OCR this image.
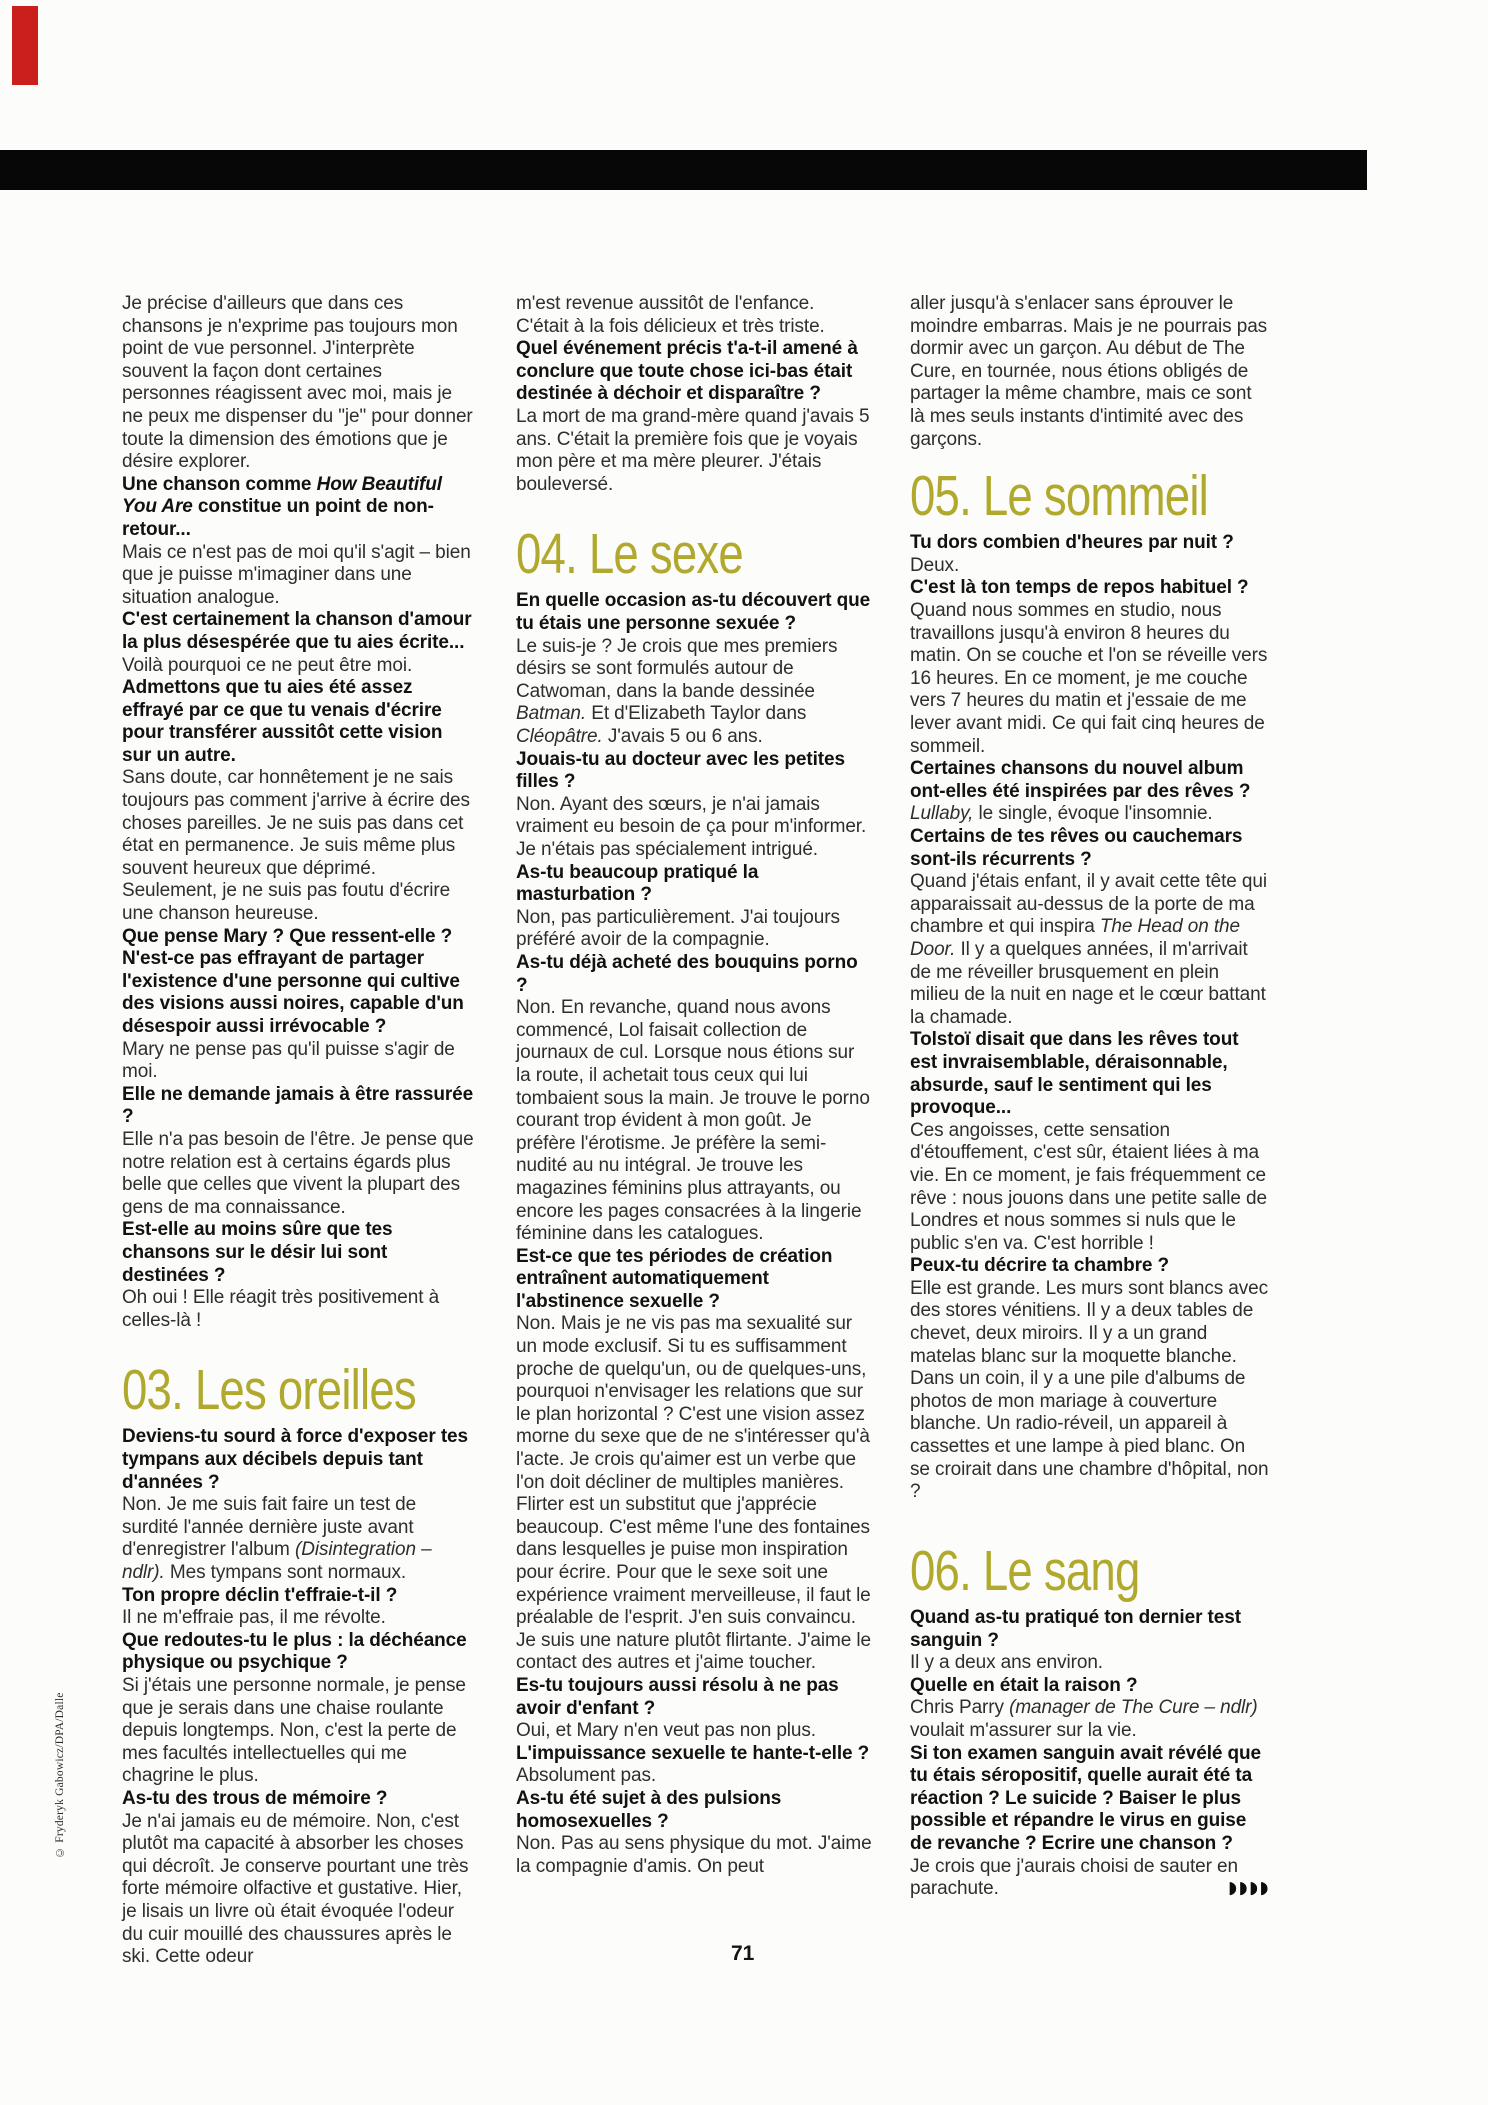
Je précise d'ailleurs que dans ces chansons je n'exprime pas toujours mon point de vue personnel. J'interprète souvent la façon dont certaines personnes réagissent avec moi, mais je ne peux me dispenser du "je" pour donner toute la dimension des émotions que je désire explorer.

Une chanson comme How Beautiful You Are constitue un point de non-retour...

Mais ce n'est pas de moi qu'il s'agit – bien que je puisse m'imaginer dans une situation analogue.

C'est certainement la chanson d'amour la plus désespérée que tu aies écrite...

Voilà pourquoi ce ne peut être moi.

Admettons que tu aies été assez effrayé par ce que tu venais d'écrire pour transférer aussitôt cette vision sur un autre.

Sans doute, car honnêtement je ne sais toujours pas comment j'arrive à écrire des choses pareilles. Je ne suis pas dans cet état en permanence. Je suis même plus souvent heureux que déprimé. Seulement, je ne suis pas foutu d'écrire une chanson heureuse.

Que pense Mary ? Que ressent-elle ? N'est-ce pas effrayant de partager l'existence d'une personne qui cultive des visions aussi noires, capable d'un désespoir aussi irrévocable ?

Mary ne pense pas qu'il puisse s'agir de moi.

Elle ne demande jamais à être rassurée ?

Elle n'a pas besoin de l'être. Je pense que notre relation est à certains égards plus belle que celles que vivent la plupart des gens de ma connaissance.

Est-elle au moins sûre que tes chansons sur le désir lui sont destinées ?

Oh oui ! Elle réagit très positivement à celles-là !

03. Les oreilles

Deviens-tu sourd à force d'exposer tes tympans aux décibels depuis tant d'années ?

Non. Je me suis fait faire un test de surdité l'année dernière juste avant d'enregistrer l'album (Disintegration – ndlr). Mes tympans sont normaux.

Ton propre déclin t'effraie-t-il ?

Il ne m'effraie pas, il me révolte.

Que redoutes-tu le plus : la déchéance physique ou psychique ?

Si j'étais une personne normale, je pense que je serais dans une chaise roulante depuis longtemps. Non, c'est la perte de mes facultés intellectuelles qui me chagrine le plus.

As-tu des trous de mémoire ?

Je n'ai jamais eu de mémoire. Non, c'est plutôt ma capacité à absorber les choses qui décroît. Je conserve pourtant une très forte mémoire olfactive et gustative. Hier, je lisais un livre où était évoquée l'odeur du cuir mouillé des chaussures après le ski. Cette odeur

m'est revenue aussitôt de l'enfance. C'était à la fois délicieux et très triste.

Quel événement précis t'a-t-il amené à conclure que toute chose ici-bas était destinée à déchoir et disparaître ?

La mort de ma grand-mère quand j'avais 5 ans. C'était la première fois que je voyais mon père et ma mère pleurer. J'étais bouleversé.

04. Le sexe

En quelle occasion as-tu découvert que tu étais une personne sexuée ?

Le suis-je ? Je crois que mes premiers désirs se sont formulés autour de Catwoman, dans la bande dessinée Batman. Et d'Elizabeth Taylor dans Cléopâtre. J'avais 5 ou 6 ans.

Jouais-tu au docteur avec les petites filles ?

Non. Ayant des sœurs, je n'ai jamais vraiment eu besoin de ça pour m'informer. Je n'étais pas spécialement intrigué.

As-tu beaucoup pratiqué la masturbation ?

Non, pas particulièrement. J'ai toujours préféré avoir de la compagnie.

As-tu déjà acheté des bouquins porno ?

Non. En revanche, quand nous avons commencé, Lol faisait collection de journaux de cul. Lorsque nous étions sur la route, il achetait tous ceux qui lui tombaient sous la main. Je trouve le porno courant trop évident à mon goût. Je préfère l'érotisme. Je préfère la semi-nudité au nu intégral. Je trouve les magazines féminins plus attrayants, ou encore les pages consacrées à la lingerie féminine dans les catalogues.

Est-ce que tes périodes de création entraînent automatiquement l'abstinence sexuelle ?

Non. Mais je ne vis pas ma sexualité sur un mode exclusif. Si tu es suffisamment proche de quelqu'un, ou de quelques-uns, pourquoi n'envisager les relations que sur le plan horizontal ? C'est une vision assez morne du sexe que de ne s'intéresser qu'à l'acte. Je crois qu'aimer est un verbe que l'on doit décliner de multiples manières. Flirter est un substitut que j'apprécie beaucoup. C'est même l'une des fontaines dans lesquelles je puise mon inspiration pour écrire. Pour que le sexe soit une expérience vraiment merveilleuse, il faut le préalable de l'esprit. J'en suis convaincu. Je suis une nature plutôt flirtante. J'aime le contact des autres et j'aime toucher.

Es-tu toujours aussi résolu à ne pas avoir d'enfant ?

Oui, et Mary n'en veut pas non plus.

L'impuissance sexuelle te hante-t-elle ?

Absolument pas.

As-tu été sujet à des pulsions homosexuelles ?

Non. Pas au sens physique du mot. J'aime la compagnie d'amis. On peut

aller jusqu'à s'enlacer sans éprouver le moindre embarras. Mais je ne pourrais pas dormir avec un garçon. Au début de The Cure, en tournée, nous étions obligés de partager la même chambre, mais ce sont là mes seuls instants d'intimité avec des garçons.

05. Le sommeil

Tu dors combien d'heures par nuit ?

Deux.

C'est là ton temps de repos habituel ?

Quand nous sommes en studio, nous travaillons jusqu'à environ 8 heures du matin. On se couche et l'on se réveille vers 16 heures. En ce moment, je me couche vers 7 heures du matin et j'essaie de me lever avant midi. Ce qui fait cinq heures de sommeil.

Certaines chansons du nouvel album ont-elles été inspirées par des rêves ?

Lullaby, le single, évoque l'insomnie.

Certains de tes rêves ou cauchemars sont-ils récurrents ?

Quand j'étais enfant, il y avait cette tête qui apparaissait au-dessus de la porte de ma chambre et qui inspira The Head on the Door. Il y a quelques années, il m'arrivait de me réveiller brusquement en plein milieu de la nuit en nage et le cœur battant la chamade.

Tolstoï disait que dans les rêves tout est invraisemblable, déraisonnable, absurde, sauf le sentiment qui les provoque...

Ces angoisses, cette sensation d'étouffement, c'est sûr, étaient liées à ma vie. En ce moment, je fais fréquemment ce rêve : nous jouons dans une petite salle de Londres et nous sommes si nuls que le public s'en va. C'est horrible !

Peux-tu décrire ta chambre ?

Elle est grande. Les murs sont blancs avec des stores vénitiens. Il y a deux tables de chevet, deux miroirs. Il y a un grand matelas blanc sur la moquette blanche. Dans un coin, il y a une pile d'albums de photos de mon mariage à couverture blanche. Un radio-réveil, un appareil à cassettes et une lampe à pied blanc. On se croirait dans une chambre d'hôpital, non ?

06. Le sang

Quand as-tu pratiqué ton dernier test sanguin ?

Il y a deux ans environ.

Quelle en était la raison ?

Chris Parry (manager de The Cure – ndlr) voulait m'assurer sur la vie.

Si ton examen sanguin avait révélé que tu étais séropositif, quelle aurait été ta réaction ? Le suicide ? Baiser le plus possible et répandre le virus en guise de revanche ? Ecrire une chanson ?

Je crois que j'aurais choisi de sauter en parachute.	◗◗◗◗

© Fryderyk Gabowicz/DPA/Dalle
71
